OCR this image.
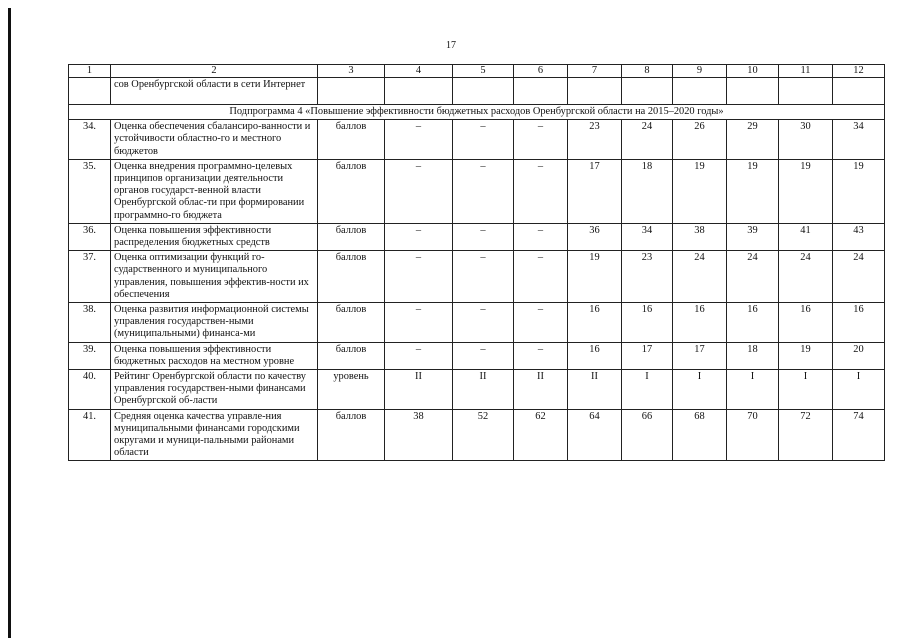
17
1	2	3	4	5	6	7	8	9	10	11	12
	сов Оренбургской области в сети Интернет										
Подпрограмма 4 «Повышение эффективности бюджетных расходов Оренбургской области на 2015–2020 годы»											
34.	Оценка обеспечения сбалансиро-ванности и устойчивости областно-го и местного бюджетов	баллов	–	–	–	23	24	26	29	30	34
35.	Оценка внедрения программно-целевых принципов организации деятельности органов государст-венной власти Оренбургской облас-ти при формировании программно-го бюджета	баллов	–	–	–	17	18	19	19	19	19
36.	Оценка повышения эффективности распределения бюджетных средств	баллов	–	–	–	36	34	38	39	41	43
37.	Оценка оптимизации функций го-сударственного и муниципального управления, повышения эффектив-ности их обеспечения	баллов	–	–	–	19	23	24	24	24	24
38.	Оценка развития информационной системы управления государствен-ными (муниципальными) финанса-ми	баллов	–	–	–	16	16	16	16	16	16
39.	Оценка повышения эффективности бюджетных расходов на местном уровне	баллов	–	–	–	16	17	17	18	19	20
40.	Рейтинг Оренбургской области по качеству управления государствен-ными финансами Оренбургской об-ласти	уровень	II	II	II	II	I	I	I	I	I
41.	Средняя оценка качества управле-ния муниципальными финансами городскими округами и муници-пальными районами области	баллов	38	52	62	64	66	68	70	72	74
